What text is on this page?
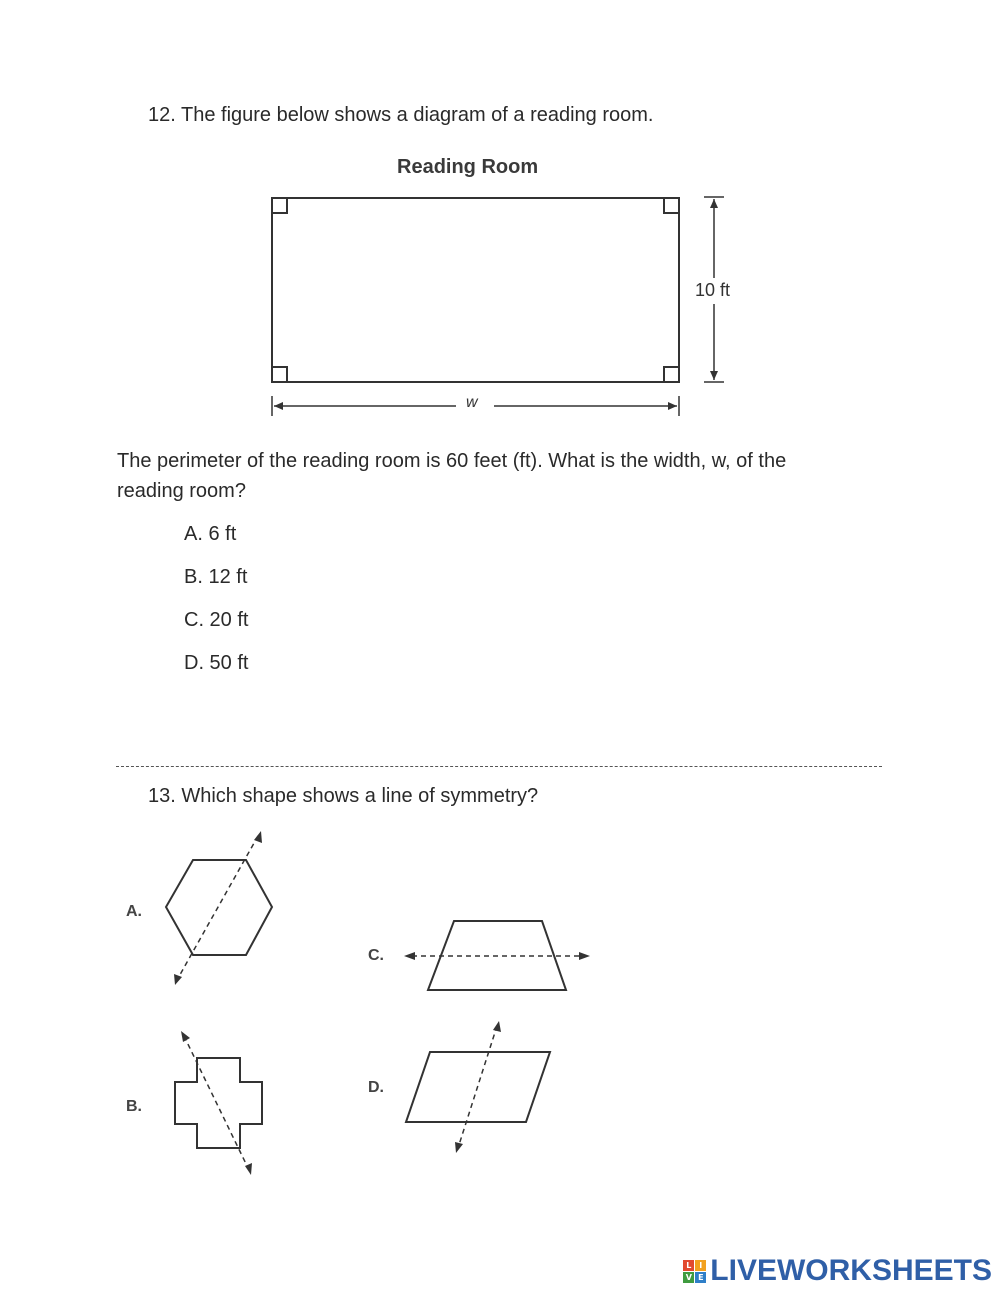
12. The figure below shows a diagram of a reading room.
Reading Room
10 ft
w
The perimeter of the reading room is 60 feet (ft). What is the width, w, of the
reading room?
A. 6 ft
B. 12 ft
C. 20 ft
D. 50 ft
13. Which shape shows a line of symmetry?
A.
B.
C.
D.
L I
V E LIVEWORKSHEETS
